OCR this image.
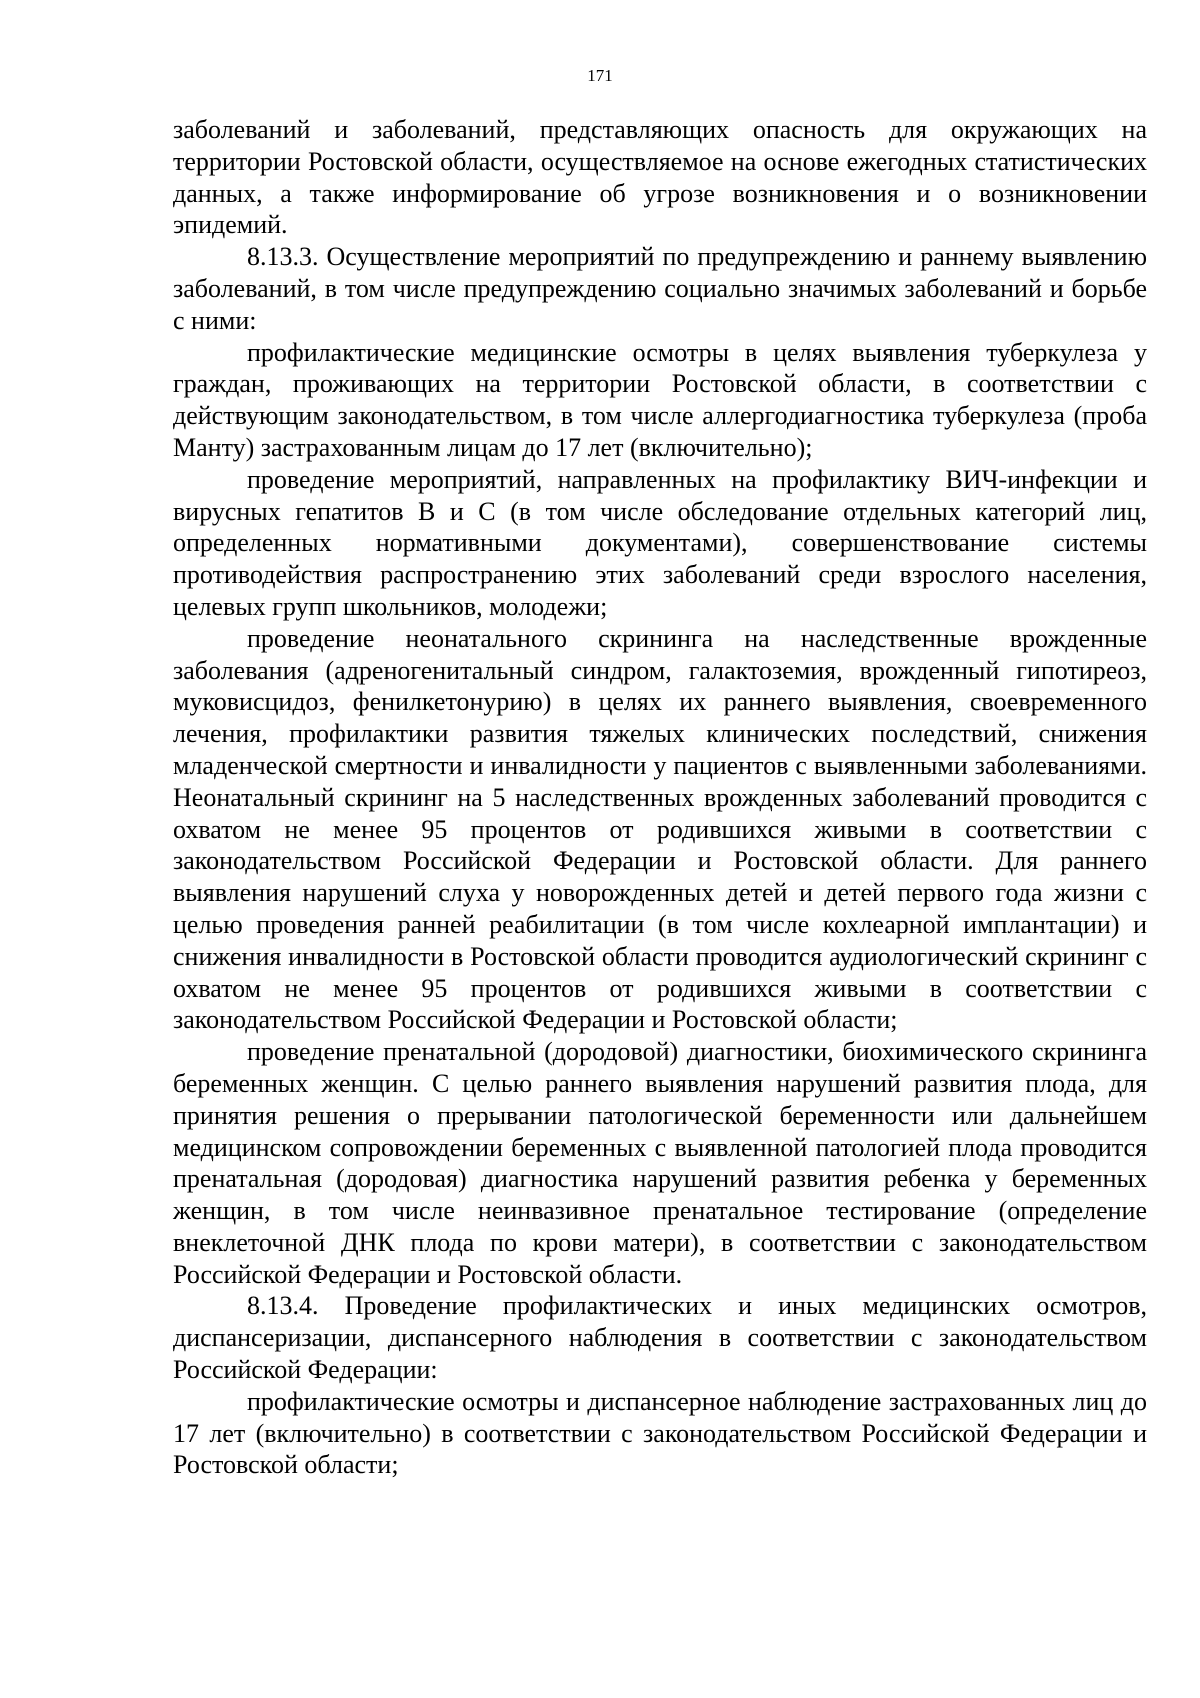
171

заболеваний и заболеваний, представляющих опасность для окружающих на территории Ростовской области, осуществляемое на основе ежегодных статистических данных, а также информирование об угрозе возникновения и о возникновении эпидемий.

8.13.3. Осуществление мероприятий по предупреждению и раннему выявлению заболеваний, в том числе предупреждению социально значимых заболеваний и борьбе с ними:

профилактические медицинские осмотры в целях выявления туберкулеза у граждан, проживающих на территории Ростовской области, в соответствии с действующим законодательством, в том числе аллергодиагностика туберкулеза (проба Манту) застрахованным лицам до 17 лет (включительно);

проведение мероприятий, направленных на профилактику ВИЧ-инфекции и вирусных гепатитов В и С (в том числе обследование отдельных категорий лиц, определенных нормативными документами), совершенствование системы противодействия распространению этих заболеваний среди взрослого населения, целевых групп школьников, молодежи;

проведение неонатального скрининга на наследственные врожденные заболевания (адреногенитальный синдром, галактоземия, врожденный гипотиреоз, муковисцидоз, фенилкетонурию) в целях их раннего выявления, своевременного лечения, профилактики развития тяжелых клинических последствий, снижения младенческой смертности и инвалидности у пациентов с выявленными заболеваниями. Неонатальный скрининг на 5 наследственных врожденных заболеваний проводится с охватом не менее 95 процентов от родившихся живыми в соответствии с законодательством Российской Федерации и Ростовской области. Для раннего выявления нарушений слуха у новорожденных детей и детей первого года жизни с целью проведения ранней реабилитации (в том числе кохлеарной имплантации) и снижения инвалидности в Ростовской области проводится аудиологический скрининг с охватом не менее 95 процентов от родившихся живыми в соответствии с законодательством Российской Федерации и Ростовской области;

проведение пренатальной (дородовой) диагностики, биохимического скрининга беременных женщин. С целью раннего выявления нарушений развития плода, для принятия решения о прерывании патологической беременности или дальнейшем медицинском сопровождении беременных с выявленной патологией плода проводится пренатальная (дородовая) диагностика нарушений развития ребенка у беременных женщин, в том числе неинвазивное пренатальное тестирование (определение внеклеточной ДНК плода по крови матери), в соответствии с законодательством Российской Федерации и Ростовской области.

8.13.4. Проведение профилактических и иных медицинских осмотров, диспансеризации, диспансерного наблюдения в соответствии с законодательством Российской Федерации:

профилактические осмотры и диспансерное наблюдение застрахованных лиц до 17 лет (включительно) в соответствии с законодательством Российской Федерации и Ростовской области;
